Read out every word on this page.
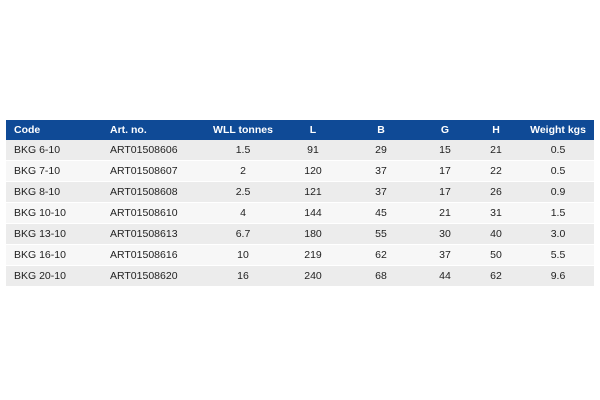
Code	Art. no.	WLL tonnes	L	B	G	H	Weight kgs
BKG 6-10	ART01508606	1.5	91	29	15	21	0.5
BKG 7-10	ART01508607	2	120	37	17	22	0.5
BKG 8-10	ART01508608	2.5	121	37	17	26	0.9
BKG 10-10	ART01508610	4	144	45	21	31	1.5
BKG 13-10	ART01508613	6.7	180	55	30	40	3.0
BKG 16-10	ART01508616	10	219	62	37	50	5.5
BKG 20-10	ART01508620	16	240	68	44	62	9.6
